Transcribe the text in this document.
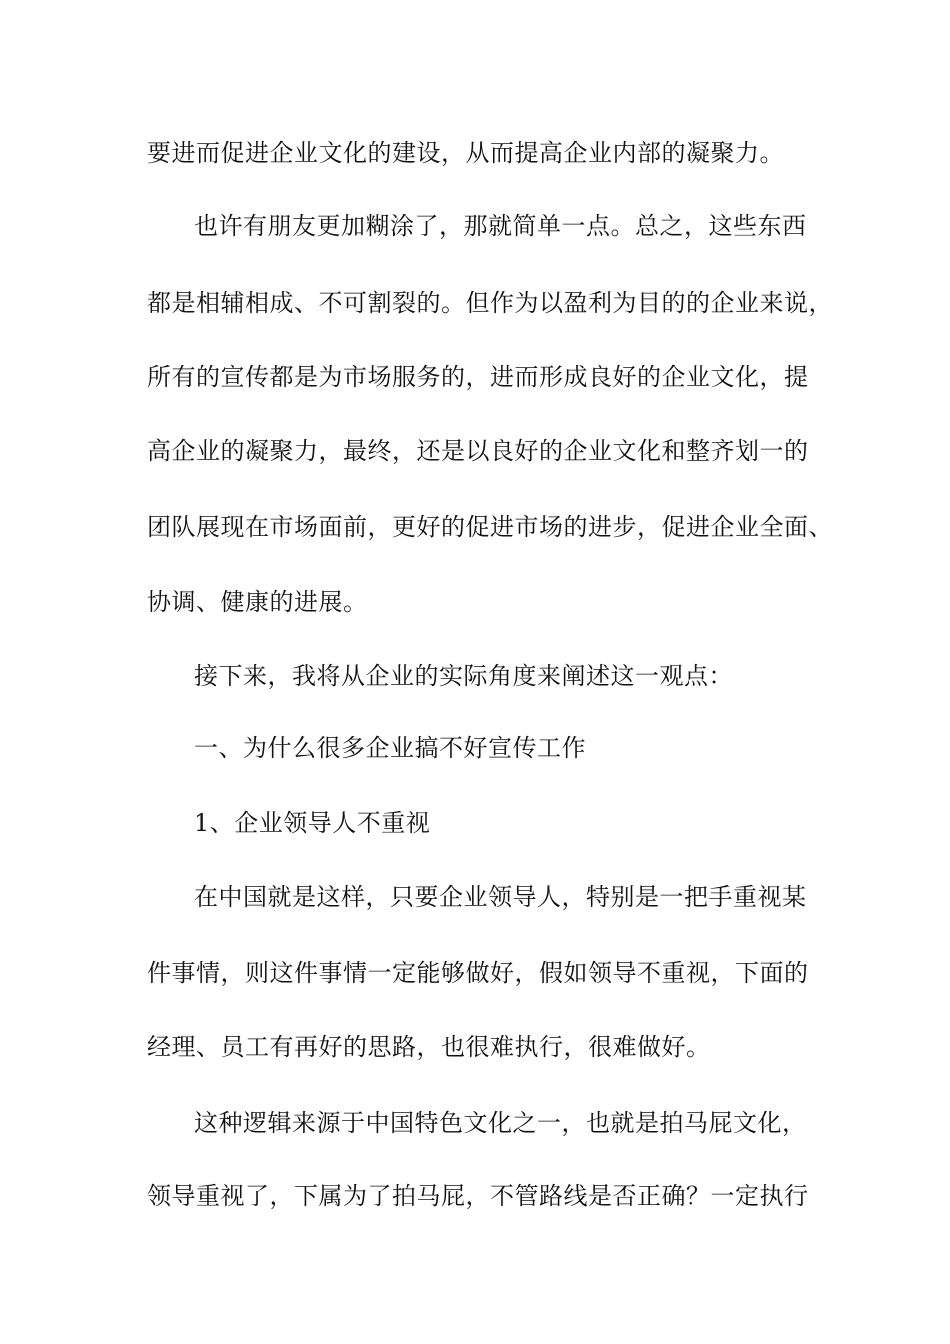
要进而促进企业文化的建设，从而提高企业内部的凝聚力。
也许有朋友更加糊涂了，那就简单一点。总之，这些东西
都是相辅相成、不可割裂的。但作为以盈利为目的的企业来说，
所有的宣传都是为市场服务的，进而形成良好的企业文化，提
高企业的凝聚力，最终，还是以良好的企业文化和整齐划一的
团队展现在市场面前，更好的促进市场的进步，促进企业全面、
协调、健康的进展。
接下来，我将从企业的实际角度来阐述这一观点：
一、为什么很多企业搞不好宣传工作
1、企业领导人不重视
在中国就是这样，只要企业领导人，特别是一把手重视某
件事情，则这件事情一定能够做好，假如领导不重视，下面的
经理、员工有再好的思路，也很难执行，很难做好。
这种逻辑来源于中国特色文化之一，也就是拍马屁文化，
领导重视了，下属为了拍马屁，不管路线是否正确？一定执行
